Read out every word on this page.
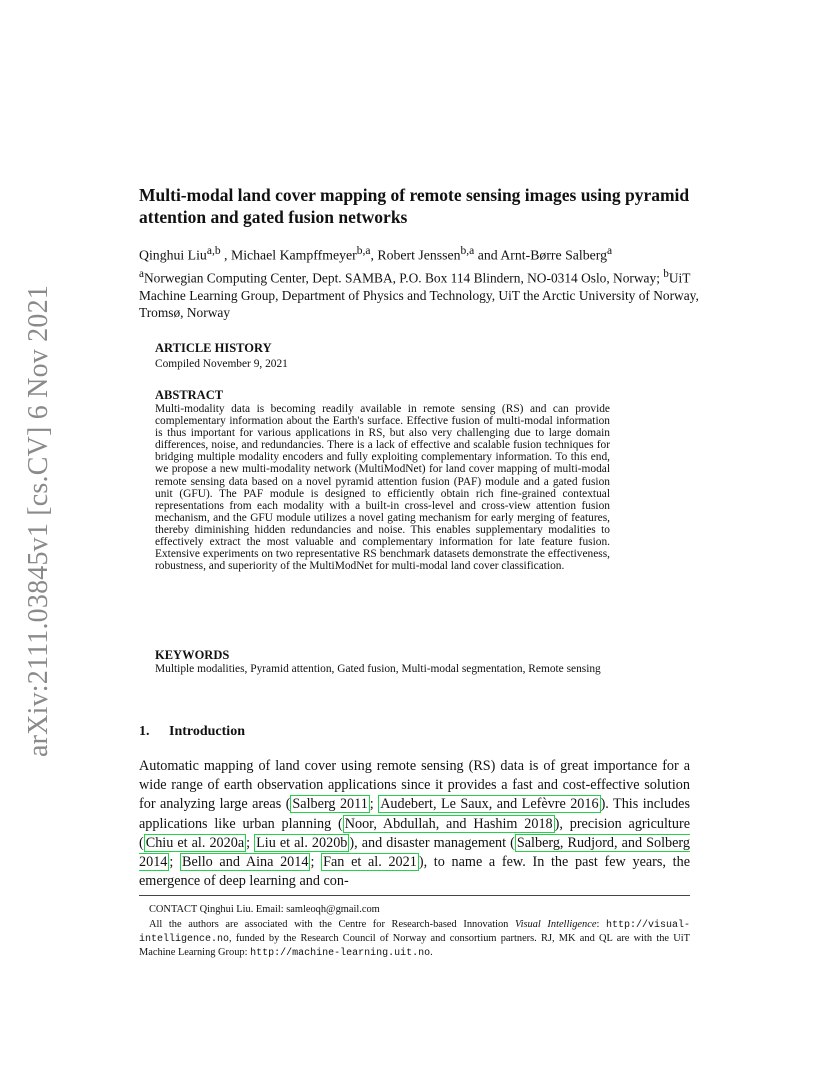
arXiv:2111.03845v1 [cs.CV] 6 Nov 2021
Multi-modal land cover mapping of remote sensing images using pyramid attention and gated fusion networks
Qinghui Liu$^{a,b}$ , Michael Kampffmeyer$^{b,a}$, Robert Jenssen$^{b,a}$ and Arnt-Børre Salberg$^a$
$^a$Norwegian Computing Center, Dept. SAMBA, P.O. Box 114 Blindern, NO-0314 Oslo, Norway; $^b$UiT Machine Learning Group, Department of Physics and Technology, UiT the Arctic University of Norway, Tromsø, Norway
ARTICLE HISTORY
Compiled November 9, 2021
ABSTRACT
Multi-modality data is becoming readily available in remote sensing (RS) and can provide complementary information about the Earth's surface. Effective fusion of multi-modal information is thus important for various applications in RS, but also very challenging due to large domain differences, noise, and redundancies. There is a lack of effective and scalable fusion techniques for bridging multiple modality encoders and fully exploiting complementary information. To this end, we propose a new multi-modality network (MultiModNet) for land cover mapping of multi-modal remote sensing data based on a novel pyramid attention fusion (PAF) module and a gated fusion unit (GFU). The PAF module is designed to efficiently obtain rich fine-grained contextual representations from each modality with a built-in cross-level and cross-view attention fusion mechanism, and the GFU module utilizes a novel gating mechanism for early merging of features, thereby diminishing hidden redundancies and noise. This enables supplementary modalities to effectively extract the most valuable and complementary information for late feature fusion. Extensive experiments on two representative RS benchmark datasets demonstrate the effectiveness, robustness, and superiority of the MultiModNet for multi-modal land cover classification.
KEYWORDS
Multiple modalities, Pyramid attention, Gated fusion, Multi-modal segmentation, Remote sensing
1. Introduction
Automatic mapping of land cover using remote sensing (RS) data is of great importance for a wide range of earth observation applications since it provides a fast and cost-effective solution for analyzing large areas ( Salberg 2011 ; Audebert, Le Saux, and Lefèvre 2016 ). This includes applications like urban planning ( Noor, Abdullah, and Hashim 2018 ), precision agriculture ( Chiu et al. 2020a ; Liu et al. 2020b ), and disaster management ( Salberg, Rudjord, and Solberg 2014 ; Bello and Aina 2014 ; Fan et al. 2021 ), to name a few. In the past few years, the emergence of deep learning and con-
CONTACT Qinghui Liu. Email: samleoqh@gmail.com
All the authors are associated with the Centre for Research-based Innovation Visual Intelligence: http://visual-intelligence.no, funded by the Research Council of Norway and consortium partners. RJ, MK and QL are with the UiT Machine Learning Group: http://machine-learning.uit.no.
